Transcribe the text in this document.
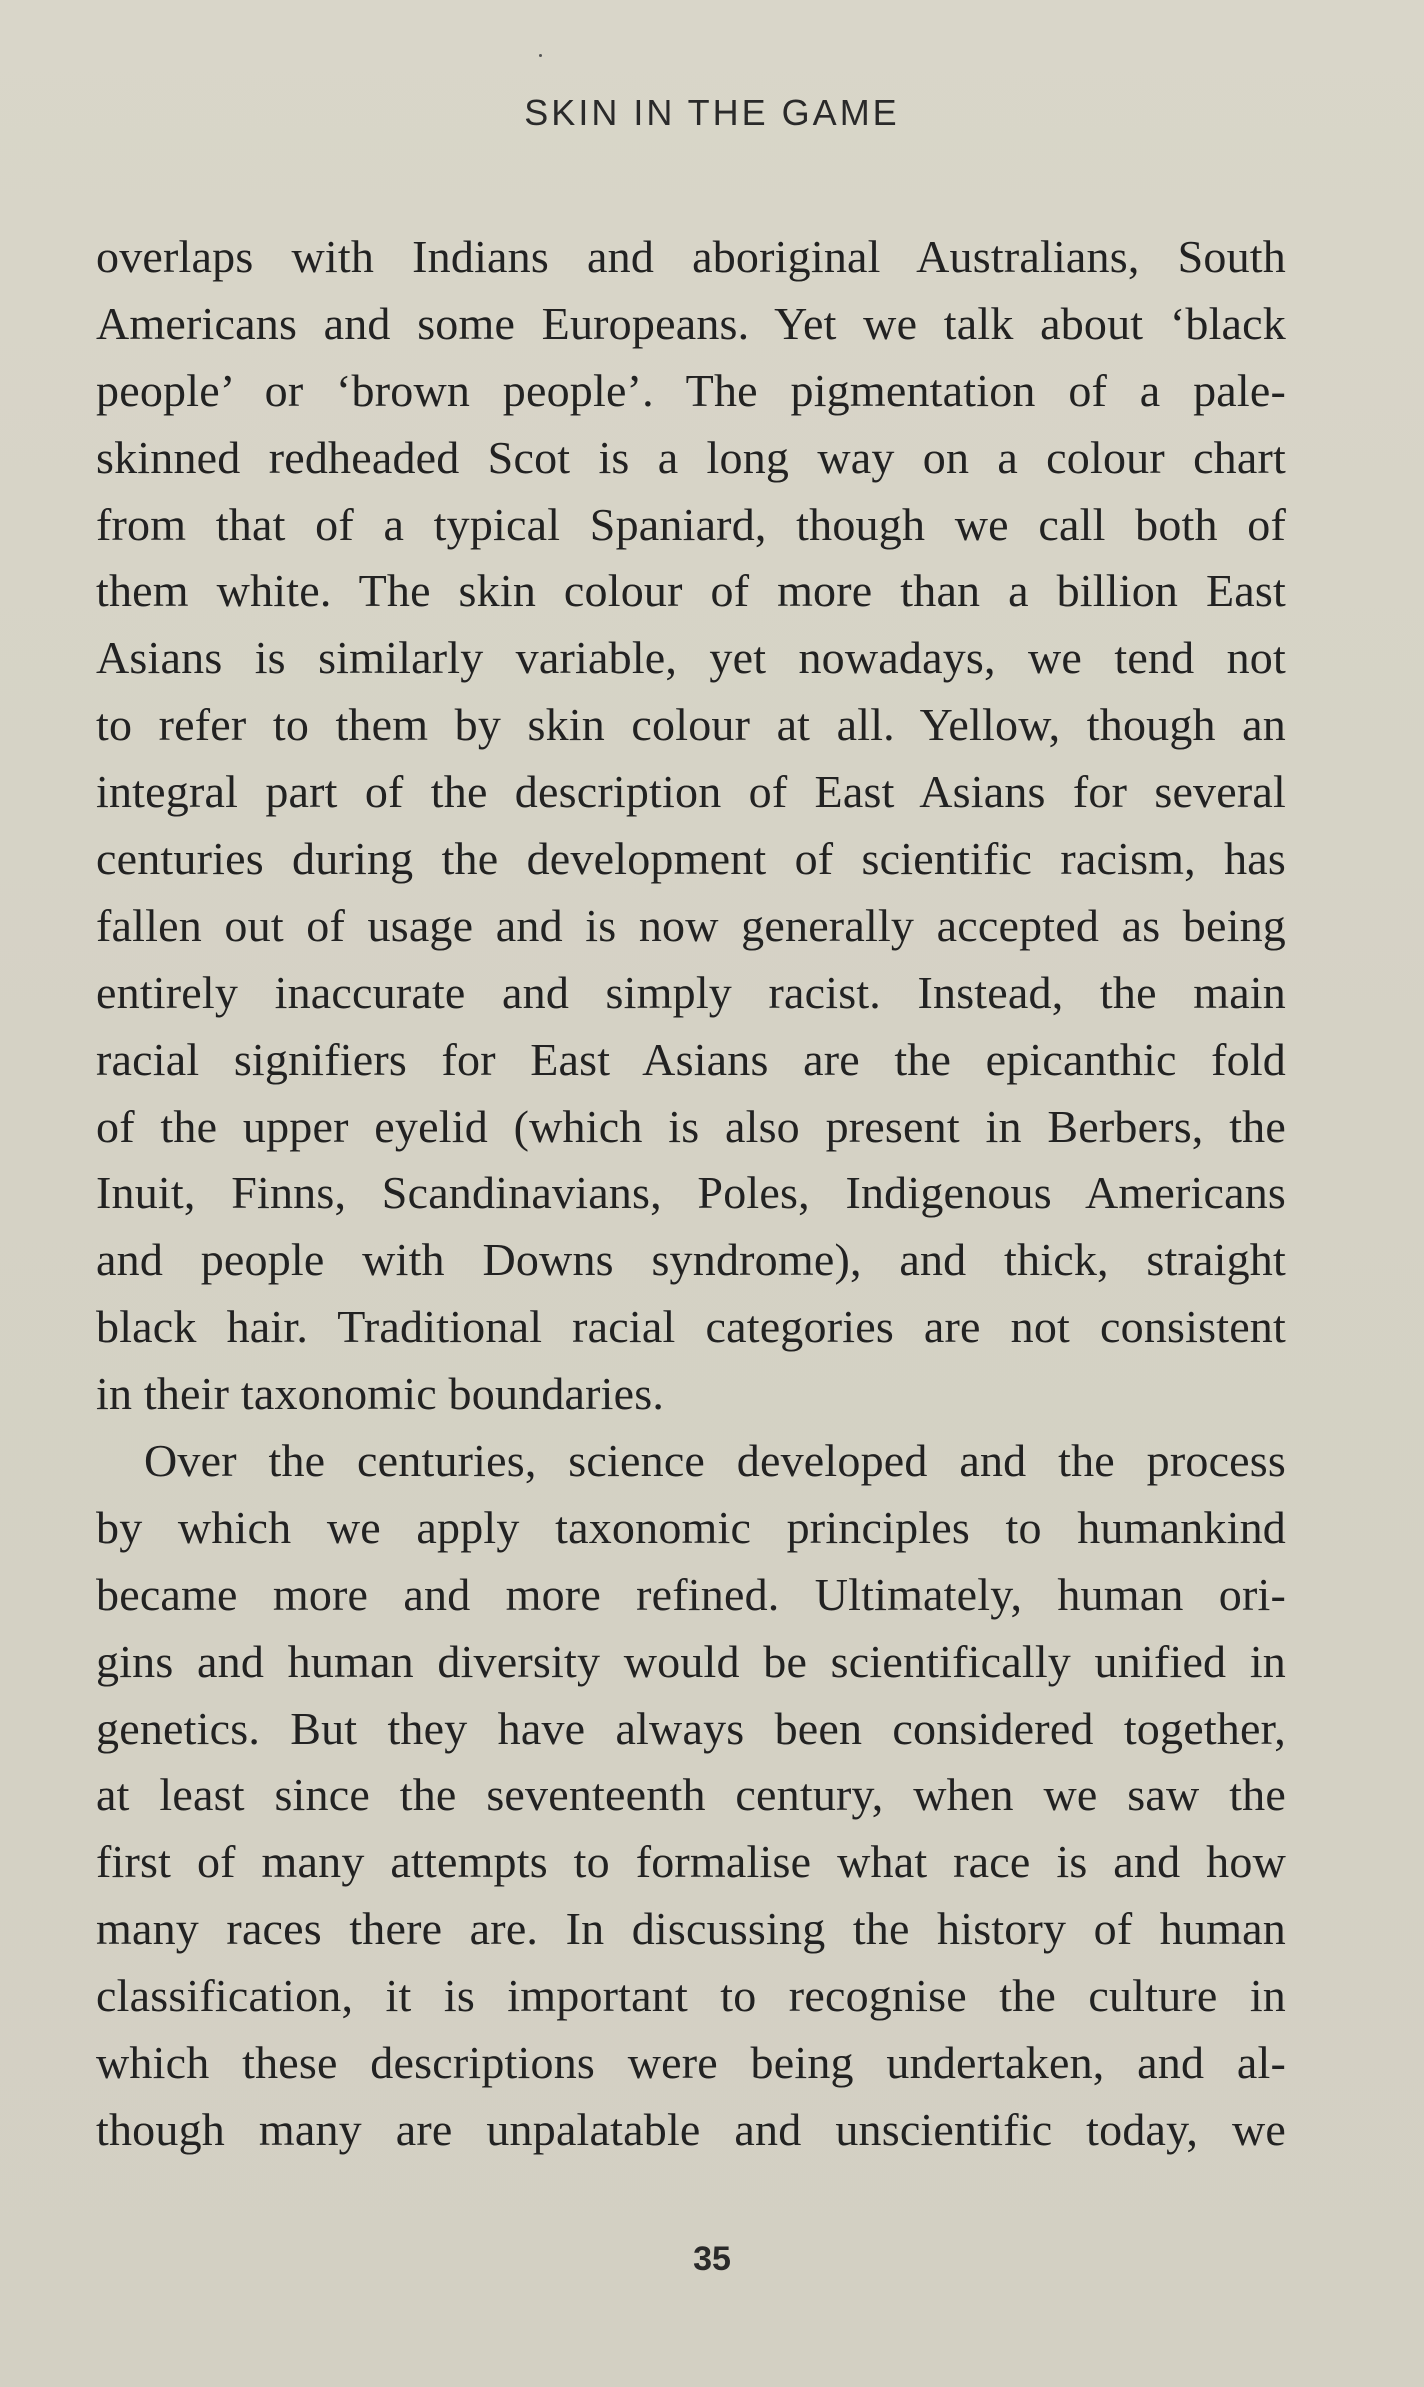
SKIN IN THE GAME
overlaps with Indians and aboriginal Australians, South
Americans and some Europeans. Yet we talk about ‘black
people’ or ‘brown people’. The pigmentation of a pale-
skinned redheaded Scot is a long way on a colour chart
from that of a typical Spaniard, though we call both of
them white. The skin colour of more than a billion East
Asians is similarly variable, yet nowadays, we tend not
to refer to them by skin colour at all. Yellow, though an
integral part of the description of East Asians for several
centuries during the development of scientific racism, has
fallen out of usage and is now generally accepted as being
entirely inaccurate and simply racist. Instead, the main
racial signifiers for East Asians are the epicanthic fold
of the upper eyelid (which is also present in Berbers, the
Inuit, Finns, Scandinavians, Poles, Indigenous Americans
and people with Downs syndrome), and thick, straight
black hair. Traditional racial categories are not consistent
in their taxonomic boundaries.
Over the centuries, science developed and the process
by which we apply taxonomic principles to humankind
became more and more refined. Ultimately, human ori-
gins and human diversity would be scientifically unified in
genetics. But they have always been considered together,
at least since the seventeenth century, when we saw the
first of many attempts to formalise what race is and how
many races there are. In discussing the history of human
classification, it is important to recognise the culture in
which these descriptions were being undertaken, and al-
though many are unpalatable and unscientific today, we
35
